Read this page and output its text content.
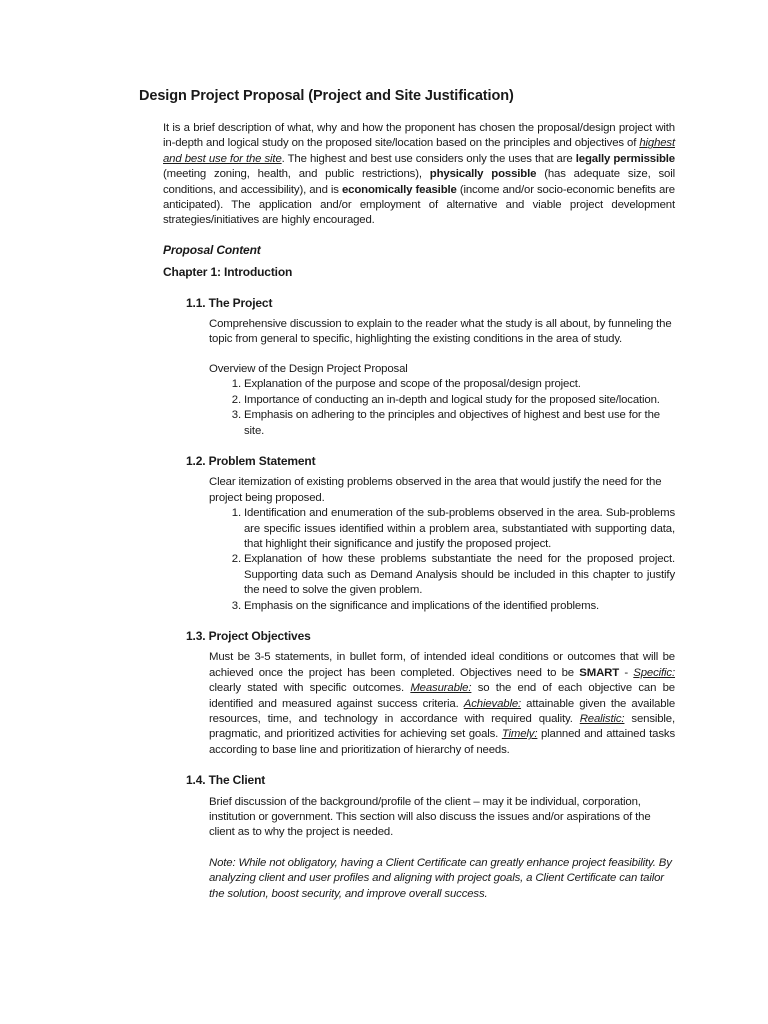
Design Project Proposal (Project and Site Justification)

It is a brief description of what, why and how the proponent has chosen the proposal/design project with in-depth and logical study on the proposed site/location based on the principles and objectives of highest and best use for the site. The highest and best use considers only the uses that are legally permissible (meeting zoning, health, and public restrictions), physically possible (has adequate size, soil conditions, and accessibility), and is economically feasible (income and/or socio-economic benefits are anticipated). The application and/or employment of alternative and viable project development strategies/initiatives are highly encouraged.

Proposal Content

Chapter 1: Introduction

1.1. The Project

Comprehensive discussion to explain to the reader what the study is all about, by funneling the topic from general to specific, highlighting the existing conditions in the area of study.

Overview of the Design Project Proposal

1. Explanation of the purpose and scope of the proposal/design project.
2. Importance of conducting an in-depth and logical study for the proposed site/location.
3. Emphasis on adhering to the principles and objectives of highest and best use for the site.

1.2. Problem Statement

Clear itemization of existing problems observed in the area that would justify the need for the project being proposed.

1. Identification and enumeration of the sub-problems observed in the area. Sub-problems are specific issues identified within a problem area, substantiated with supporting data, that highlight their significance and justify the proposed project.
2. Explanation of how these problems substantiate the need for the proposed project. Supporting data such as Demand Analysis should be included in this chapter to justify the need to solve the given problem.
3. Emphasis on the significance and implications of the identified problems.

1.3. Project Objectives

Must be 3-5 statements, in bullet form, of intended ideal conditions or outcomes that will be achieved once the project has been completed. Objectives need to be SMART - Specific: clearly stated with specific outcomes. Measurable: so the end of each objective can be identified and measured against success criteria. Achievable: attainable given the available resources, time, and technology in accordance with required quality. Realistic: sensible, pragmatic, and prioritized activities for achieving set goals. Timely: planned and attained tasks according to base line and prioritization of hierarchy of needs.

1.4. The Client

Brief discussion of the background/profile of the client – may it be individual, corporation, institution or government. This section will also discuss the issues and/or aspirations of the client as to why the project is needed.

Note: While not obligatory, having a Client Certificate can greatly enhance project feasibility. By analyzing client and user profiles and aligning with project goals, a Client Certificate can tailor the solution, boost security, and improve overall success.
